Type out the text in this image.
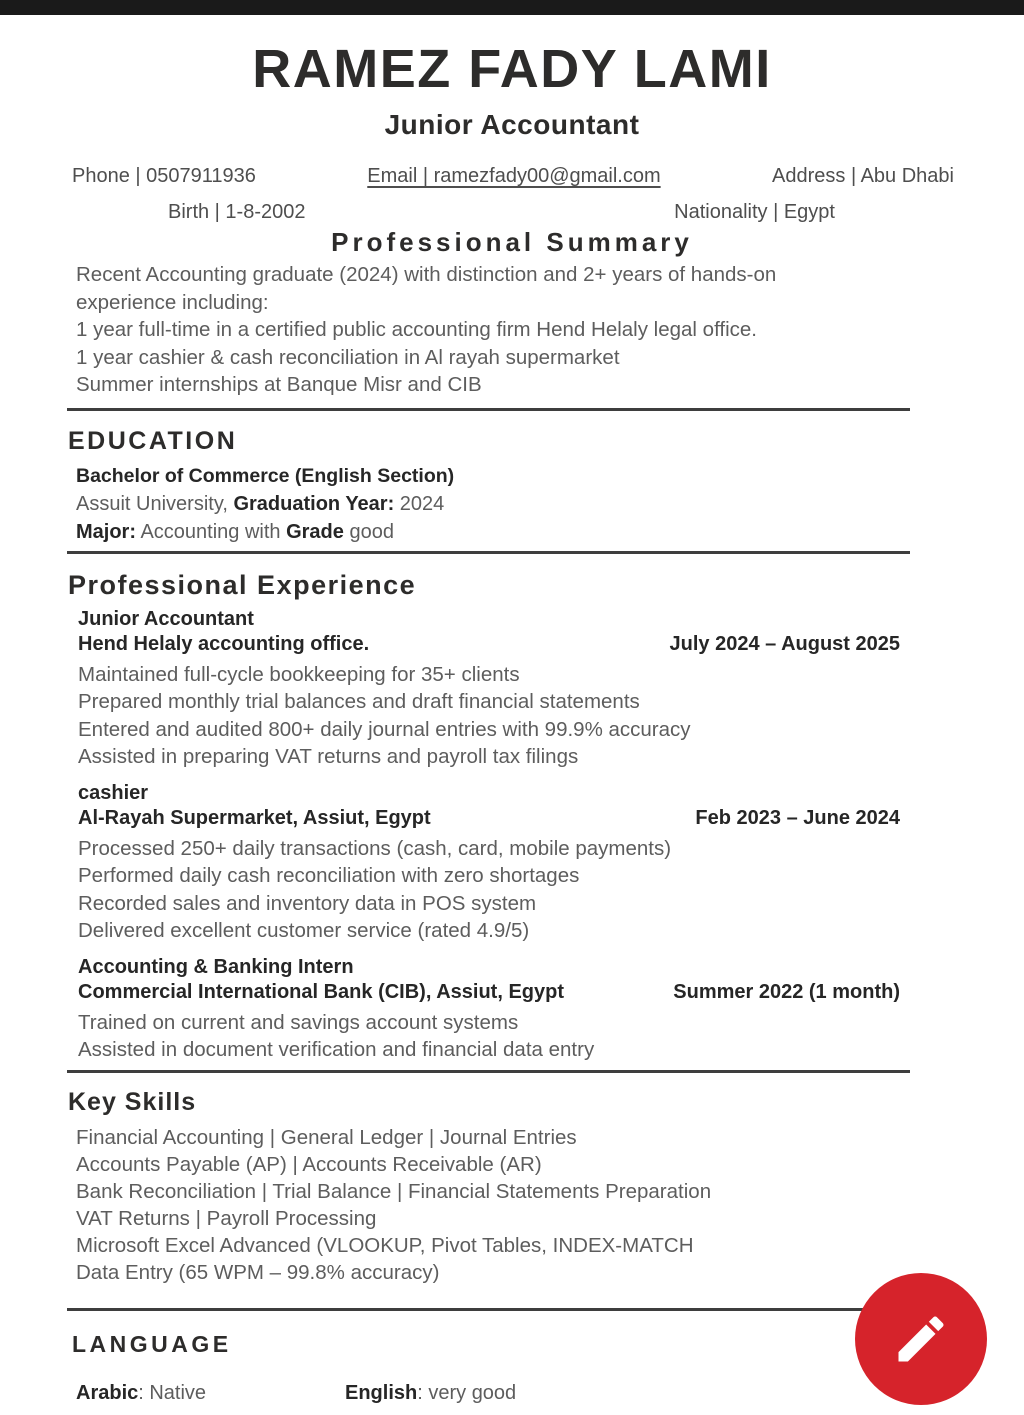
RAMEZ FADY LAMI
Junior Accountant
Phone | 0507911936	Email | ramezfady00@gmail.com	Address | Abu Dhabi
Birth | 1-8-2002	Nationality | Egypt
Professional Summary
Recent Accounting graduate (2024) with distinction and 2+ years of hands-on
experience including:
1 year full-time in a certified public accounting firm Hend Helaly legal office.
1 year cashier & cash reconciliation in Al rayah supermarket
Summer internships at Banque Misr and CIB
EDUCATION
Bachelor of Commerce (English Section)
Assuit University, Graduation Year: 2024
Major: Accounting with Grade good
Professional Experience
Junior Accountant
Hend Helaly accounting office.	July 2024 – August 2025
Maintained full-cycle bookkeeping for 35+ clients
Prepared monthly trial balances and draft financial statements
Entered and audited 800+ daily journal entries with 99.9% accuracy
Assisted in preparing VAT returns and payroll tax filings
cashier
Al-Rayah Supermarket, Assiut, Egypt	Feb 2023 – June 2024
Processed 250+ daily transactions (cash, card, mobile payments)
Performed daily cash reconciliation with zero shortages
Recorded sales and inventory data in POS system
Delivered excellent customer service (rated 4.9/5)
Accounting & Banking Intern
Commercial International Bank (CIB), Assiut, Egypt	Summer 2022 (1 month)
Trained on current and savings account systems
Assisted in document verification and financial data entry
Key Skills
Financial Accounting | General Ledger | Journal Entries
Accounts Payable (AP) | Accounts Receivable (AR)
Bank Reconciliation | Trial Balance | Financial Statements Preparation
VAT Returns | Payroll Processing
Microsoft Excel Advanced (VLOOKUP, Pivot Tables, INDEX-MATCH
Data Entry (65 WPM – 99.8% accuracy)
LANGUAGE
Arabic: Native	English: very good
